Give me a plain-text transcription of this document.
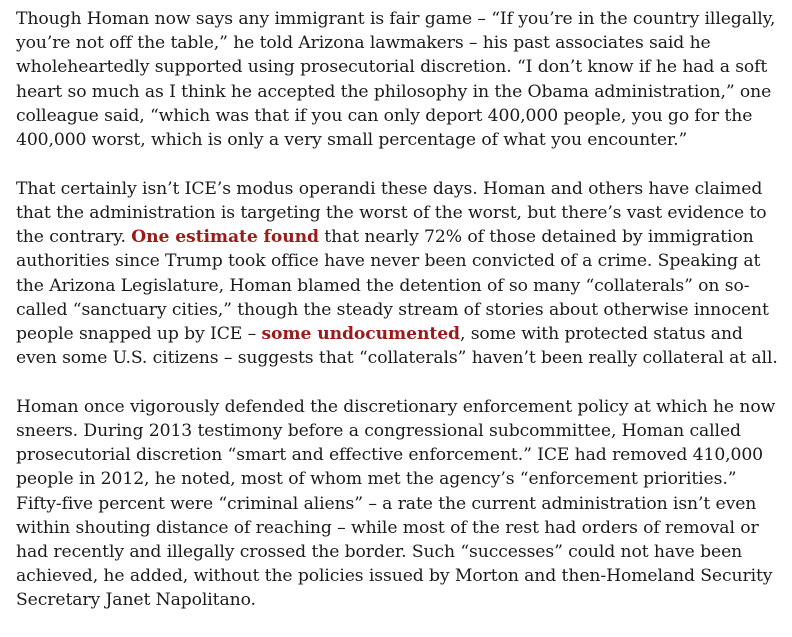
Though Homan now says any immigrant is fair game – “If you’re in the country illegally, you’re not off the table,” he told Arizona lawmakers – his past associates said he wholeheartedly supported using prosecutorial discretion. “I don’t know if he had a soft heart so much as I think he accepted the philosophy in the Obama administration,” one colleague said, “which was that if you can only deport 400,000 people, you go for the 400,000 worst, which is only a very small percentage of what you encounter.”

That certainly isn’t ICE’s modus operandi these days. Homan and others have claimed that the administration is targeting the worst of the worst, but there’s vast evidence to the contrary. One estimate found that nearly 72% of those detained by immigration authorities since Trump took office have never been convicted of a crime. Speaking at the Arizona Legislature, Homan blamed the detention of so many “collaterals” on so-called “sanctuary cities,” though the steady stream of stories about otherwise innocent people snapped up by ICE – some undocumented, some with protected status and even some U.S. citizens – suggests that “collaterals” haven’t been really collateral at all.

Homan once vigorously defended the discretionary enforcement policy at which he now sneers. During 2013 testimony before a congressional subcommittee, Homan called prosecutorial discretion “smart and effective enforcement.” ICE had removed 410,000 people in 2012, he noted, most of whom met the agency’s “enforcement priorities.” Fifty-five percent were “criminal aliens” – a rate the current administration isn’t even within shouting distance of reaching – while most of the rest had orders of removal or had recently and illegally crossed the border. Such “successes” could not have been achieved, he added, without the policies issued by Morton and then-Homeland Security Secretary Janet Napolitano.
